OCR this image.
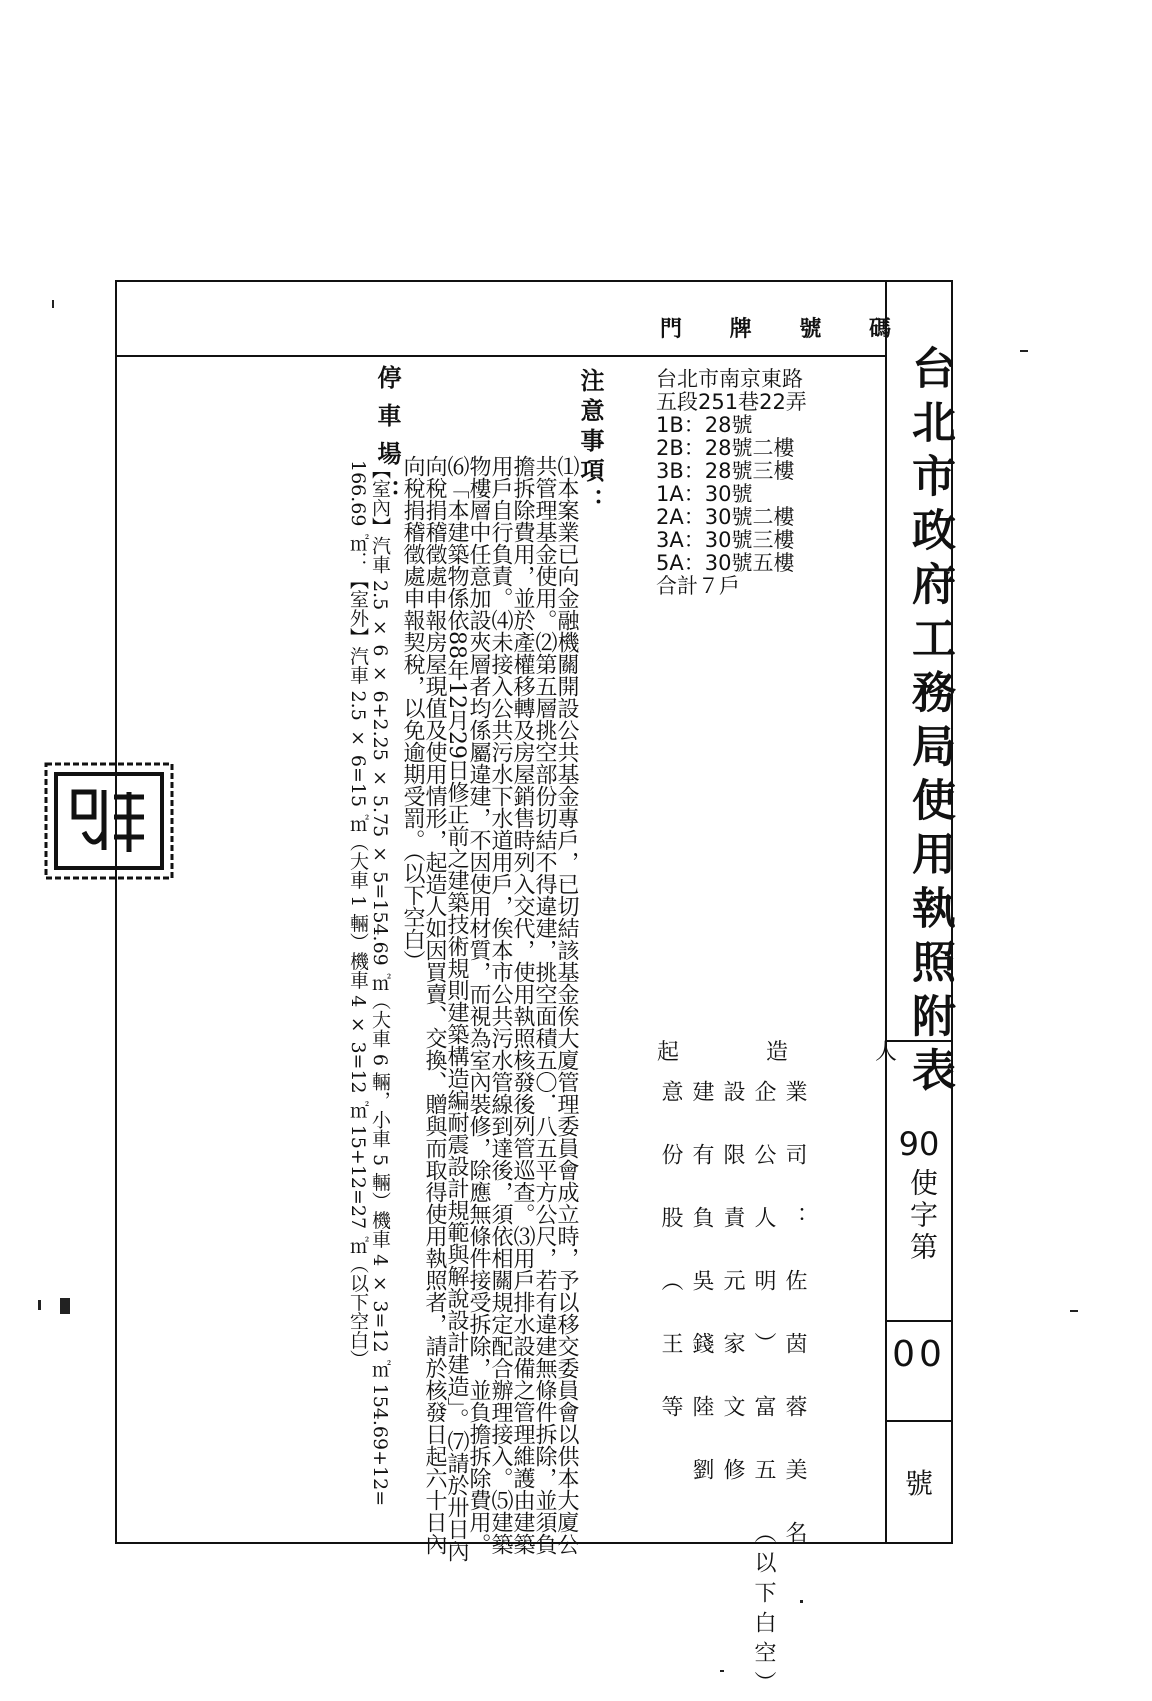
台北市政府工務局使用執照附表
90
使字第
00
號
門 牌 號 碼
台北市南京東路
五段251巷22弄
1B：28號
2B：28號二樓
3B：28號三樓
1A：30號
2A：30號二樓
3A：30號三樓
5A：30號五樓
合計７戶
注意事項：
⑴本案業已向金融機關開設公共基金專戶，已切結該基金俟大廈管理委員會成立時，予以移交委員會以供本大廈公
共管理基金使用。⑵第五層挑空部份切結不得違建，挑空面積五〇．八五平方公尺，若有違建無條件拆除，並須負
擔拆除費用，並於產權移轉及房屋銷售時列入交代，使用執照核發後列管巡查。⑶用戶排水設備之管理維護由建築
用戶自行負責。⑷未接入公共污水下水道用戶，俟本市公共污水管線到達後，須依相關規定配合辦理接入。⑸建築
物樓層中任意加設夾層者均係屬違建，不因使用材質，而視為室內裝修，除應無條件接受拆除，並負擔拆除費用。
⑹「本建築物係依88年12月29日修正前之建築技術規則建築構造編耐震設計規範與解說設計建造」。⑺請於卅日內
向稅捐稽徵處申報房屋現值及使用情形，起造人如因買賣、交換、贈與而取得使用執照者，請於核發日起六十日內
向稅捐稽徵處申報契稅，以免逾期受罰。（以下空白）
停車場：
【室內】汽車 2.5 × 6 × 6+2.25 × 5.75 × 5=154.69 ㎡（大車 6 輛，小車 5 輛）機車 4 × 3=12 ㎡ 154.69+12=
166.69 ㎡：【室外】汽車 2.5 × 6=15 ㎡（大車 1 輛）機車 4 × 3=12 ㎡ 15+12=27 ㎡（以下空白）	起 造 人
業 司 ： 佐 茵 蓉 美 名
企 公 人 明 ） 富 五 （以下白空）
設 限 責 元 家 文 修
建 有 負 吳 錢 陸 劉
意 份 股 （ 王 等
